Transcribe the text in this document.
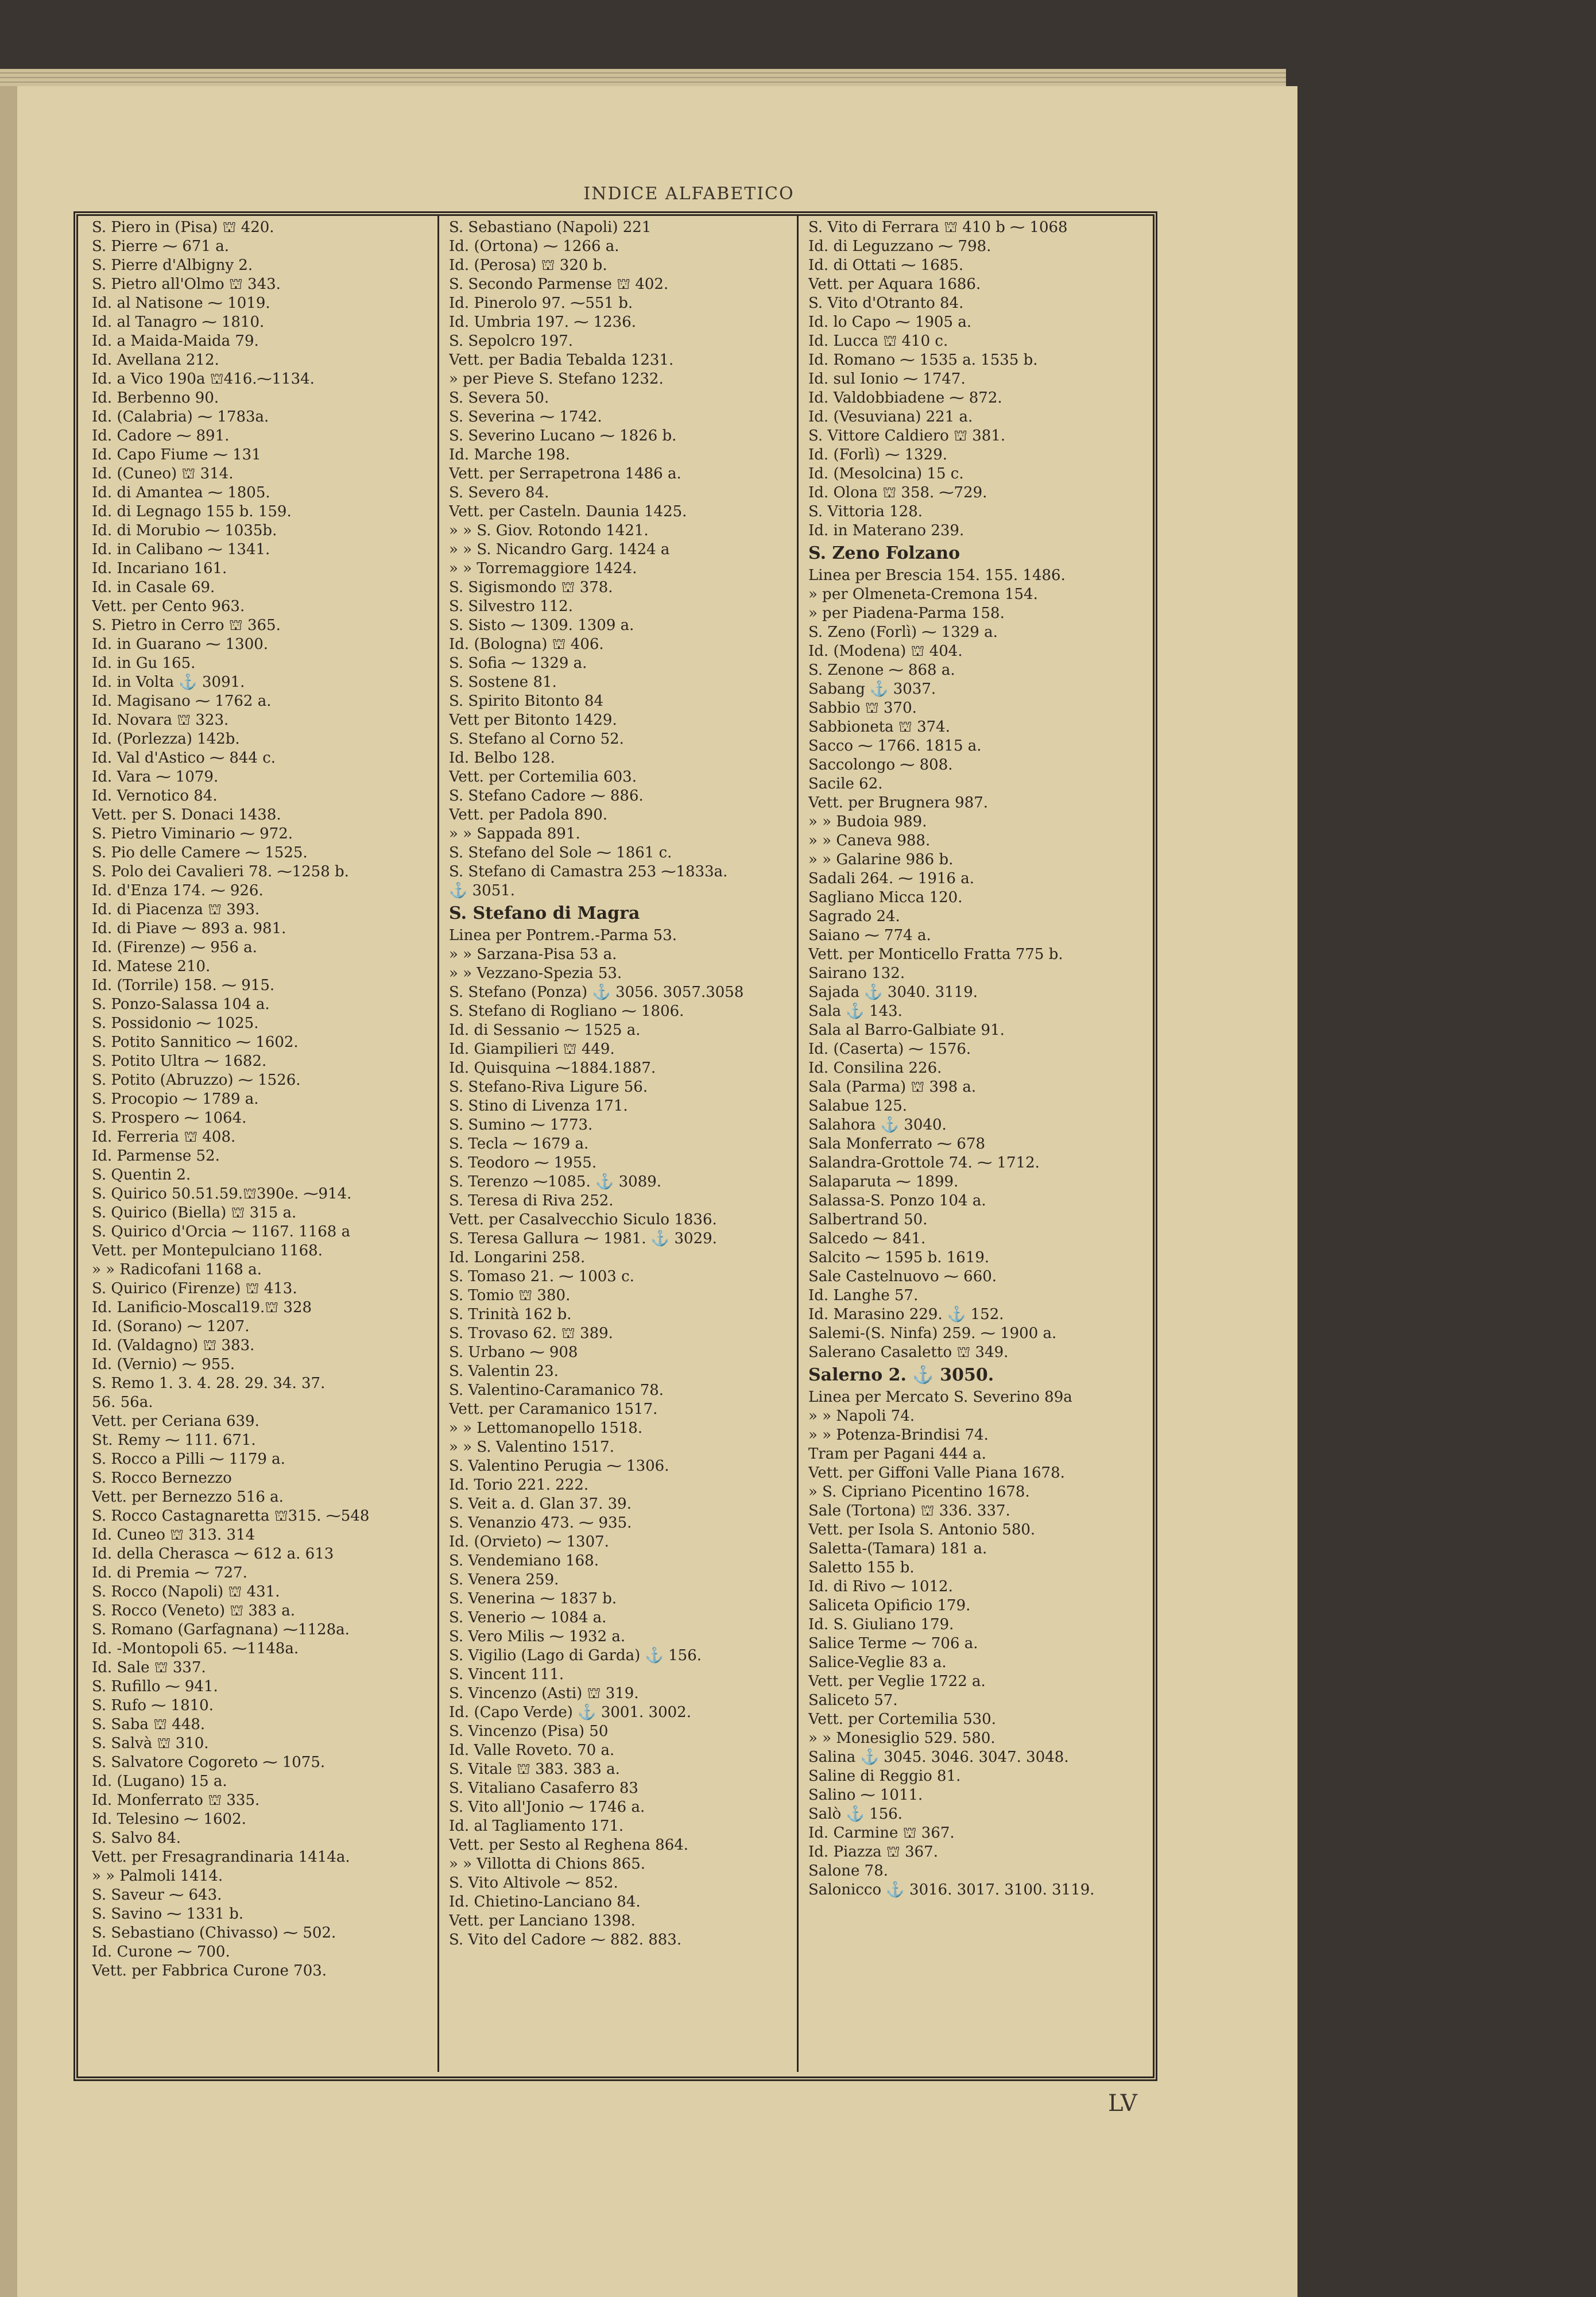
INDICE ALFABETICO
S. Piero in (Pisa) ⛫ 420.
S. Pierre ⁓ 671 a.
S. Pierre d'Albigny 2.
S. Pietro all'Olmo ⛫ 343.
Id. al Natisone ⁓ 1019.
Id. al Tanagro ⁓ 1810.
Id. a Maida-Maida 79.
Id. Avellana 212.
Id. a Vico 190a ⛫416.⁓1134.
Id. Berbenno 90.
Id. (Calabria) ⁓ 1783a.
Id. Cadore ⁓ 891.
Id. Capo Fiume ⁓ 131
Id. (Cuneo) ⛫ 314.
Id. di Amantea ⁓ 1805.
Id. di Legnago 155 b. 159.
Id. di Morubio ⁓ 1035b.
Id. in Calibano ⁓ 1341.
Id. Incariano 161.
Id. in Casale 69.
Vett. per Cento 963.
S. Pietro in Cerro ⛫ 365.
Id. in Guarano ⁓ 1300.
Id. in Gu 165.
Id. in Volta ⚓ 3091.
Id. Magisano ⁓ 1762 a.
Id. Novara ⛫ 323.
Id. (Porlezza) 142b.
Id. Val d'Astico ⁓ 844 c.
Id. Vara ⁓ 1079.
Id. Vernotico 84.
Vett. per S. Donaci 1438.
S. Pietro Viminario ⁓ 972.
S. Pio delle Camere ⁓ 1525.
S. Polo dei Cavalieri 78. ⁓1258 b.
Id. d'Enza 174. ⁓ 926.
Id. di Piacenza ⛫ 393.
Id. di Piave ⁓ 893 a. 981.
Id. (Firenze) ⁓ 956 a.
Id. Matese 210.
Id. (Torrile) 158. ⁓ 915.
S. Ponzo-Salassa 104 a.
S. Possidonio ⁓ 1025.
S. Potito Sannitico ⁓ 1602.
S. Potito Ultra ⁓ 1682.
S. Potito (Abruzzo) ⁓ 1526.
S. Procopio ⁓ 1789 a.
S. Prospero ⁓ 1064.
Id. Ferreria ⛫ 408.
Id. Parmense 52.
S. Quentin 2.
S. Quirico 50.51.59.⛫390e. ⁓914.
S. Quirico (Biella) ⛫ 315 a.
S. Quirico d'Orcia ⁓ 1167. 1168 a
Vett. per Montepulciano 1168.
» » Radicofani 1168 a.
S. Quirico (Firenze) ⛫ 413.
Id. Lanificio-Moscal19.⛫ 328
Id. (Sorano) ⁓ 1207.
Id. (Valdagno) ⛫ 383.
Id. (Vernio) ⁓ 955.
S. Remo 1. 3. 4. 28. 29. 34. 37.
56. 56a.
Vett. per Ceriana 639.
St. Remy ⁓ 111. 671.
S. Rocco a Pilli ⁓ 1179 a.
S. Rocco Bernezzo
Vett. per Bernezzo 516 a.
S. Rocco Castagnaretta ⛫315. ⁓548
Id. Cuneo ⛫ 313. 314
Id. della Cherasca ⁓ 612 a. 613
Id. di Premia ⁓ 727.
S. Rocco (Napoli) ⛫ 431.
S. Rocco (Veneto) ⛫ 383 a.
S. Romano (Garfagnana) ⁓1128a.
Id. -Montopoli 65. ⁓1148a.
Id. Sale ⛫ 337.
S. Rufillo ⁓ 941.
S. Rufo ⁓ 1810.
S. Saba ⛫ 448.
S. Salvà ⛫ 310.
S. Salvatore Cogoreto ⁓ 1075.
Id. (Lugano) 15 a.
Id. Monferrato ⛫ 335.
Id. Telesino ⁓ 1602.
S. Salvo 84.
Vett. per Fresagrandinaria 1414a.
» » Palmoli 1414.
S. Saveur ⁓ 643.
S. Savino ⁓ 1331 b.
S. Sebastiano (Chivasso) ⁓ 502.
Id. Curone ⁓ 700.
Vett. per Fabbrica Curone 703.
S. Sebastiano (Napoli) 221
Id. (Ortona) ⁓ 1266 a.
Id. (Perosa) ⛫ 320 b.
S. Secondo Parmense ⛫ 402.
Id. Pinerolo 97. ⁓551 b.
Id. Umbria 197. ⁓ 1236.
S. Sepolcro 197.
Vett. per Badia Tebalda 1231.
» per Pieve S. Stefano 1232.
S. Severa 50.
S. Severina ⁓ 1742.
S. Severino Lucano ⁓ 1826 b.
Id. Marche 198.
Vett. per Serrapetrona 1486 a.
S. Severo 84.
Vett. per Casteln. Daunia 1425.
» » S. Giov. Rotondo 1421.
» » S. Nicandro Garg. 1424 a
» » Torremaggiore 1424.
S. Sigismondo ⛫ 378.
S. Silvestro 112.
S. Sisto ⁓ 1309. 1309 a.
Id. (Bologna) ⛫ 406.
S. Sofia ⁓ 1329 a.
S. Sostene 81.
S. Spirito Bitonto 84
Vett per Bitonto 1429.
S. Stefano al Corno 52.
Id. Belbo 128.
Vett. per Cortemilia 603.
S. Stefano Cadore ⁓ 886.
Vett. per Padola 890.
» » Sappada 891.
S. Stefano del Sole ⁓ 1861 c.
S. Stefano di Camastra 253 ⁓1833a.
⚓ 3051.
S. Stefano di Magra
Linea per Pontrem.-Parma 53.
» » Sarzana-Pisa 53 a.
» » Vezzano-Spezia 53.
S. Stefano (Ponza) ⚓ 3056. 3057.3058
S. Stefano di Rogliano ⁓ 1806.
Id. di Sessanio ⁓ 1525 a.
Id. Giampilieri ⛫ 449.
Id. Quisquina ⁓1884.1887.
S. Stefano-Riva Ligure 56.
S. Stino di Livenza 171.
S. Sumino ⁓ 1773.
S. Tecla ⁓ 1679 a.
S. Teodoro ⁓ 1955.
S. Terenzo ⁓1085. ⚓ 3089.
S. Teresa di Riva 252.
Vett. per Casalvecchio Siculo 1836.
S. Teresa Gallura ⁓ 1981. ⚓ 3029.
Id. Longarini 258.
S. Tomaso 21. ⁓ 1003 c.
S. Tomio ⛫ 380.
S. Trinità 162 b.
S. Trovaso 62. ⛫ 389.
S. Urbano ⁓ 908
S. Valentin 23.
S. Valentino-Caramanico 78.
Vett. per Caramanico 1517.
» » Lettomanopello 1518.
» » S. Valentino 1517.
S. Valentino Perugia ⁓ 1306.
Id. Torio 221. 222.
S. Veit a. d. Glan 37. 39.
S. Venanzio 473. ⁓ 935.
Id. (Orvieto) ⁓ 1307.
S. Vendemiano 168.
S. Venera 259.
S. Venerina ⁓ 1837 b.
S. Venerio ⁓ 1084 a.
S. Vero Milis ⁓ 1932 a.
S. Vigilio (Lago di Garda) ⚓ 156.
S. Vincent 111.
S. Vincenzo (Asti) ⛫ 319.
Id. (Capo Verde) ⚓ 3001. 3002.
S. Vincenzo (Pisa) 50
Id. Valle Roveto. 70 a.
S. Vitale ⛫ 383. 383 a.
S. Vitaliano Casaferro 83
S. Vito all'Jonio ⁓ 1746 a.
Id. al Tagliamento 171.
Vett. per Sesto al Reghena 864.
» » Villotta di Chions 865.
S. Vito Altivole ⁓ 852.
Id. Chietino-Lanciano 84.
Vett. per Lanciano 1398.
S. Vito del Cadore ⁓ 882. 883.
S. Vito di Ferrara ⛫ 410 b ⁓ 1068
Id. di Leguzzano ⁓ 798.
Id. di Ottati ⁓ 1685.
Vett. per Aquara 1686.
S. Vito d'Otranto 84.
Id. lo Capo ⁓ 1905 a.
Id. Lucca ⛫ 410 c.
Id. Romano ⁓ 1535 a. 1535 b.
Id. sul Ionio ⁓ 1747.
Id. Valdobbiadene ⁓ 872.
Id. (Vesuviana) 221 a.
S. Vittore Caldiero ⛫ 381.
Id. (Forlì) ⁓ 1329.
Id. (Mesolcina) 15 c.
Id. Olona ⛫ 358. ⁓729.
S. Vittoria 128.
Id. in Materano 239.
S. Zeno Folzano
Linea per Brescia 154. 155. 1486.
» per Olmeneta-Cremona 154.
» per Piadena-Parma 158.
S. Zeno (Forlì) ⁓ 1329 a.
Id. (Modena) ⛫ 404.
S. Zenone ⁓ 868 a.
Sabang ⚓ 3037.
Sabbio ⛫ 370.
Sabbioneta ⛫ 374.
Sacco ⁓ 1766. 1815 a.
Saccolongo ⁓ 808.
Sacile 62.
Vett. per Brugnera 987.
» » Budoia 989.
» » Caneva 988.
» » Galarine 986 b.
Sadali 264. ⁓ 1916 a.
Sagliano Micca 120.
Sagrado 24.
Saiano ⁓ 774 a.
Vett. per Monticello Fratta 775 b.
Sairano 132.
Sajada ⚓ 3040. 3119.
Sala ⚓ 143.
Sala al Barro-Galbiate 91.
Id. (Caserta) ⁓ 1576.
Id. Consilina 226.
Sala (Parma) ⛫ 398 a.
Salabue 125.
Salahora ⚓ 3040.
Sala Monferrato ⁓ 678
Salandra-Grottole 74. ⁓ 1712.
Salaparuta ⁓ 1899.
Salassa-S. Ponzo 104 a.
Salbertrand 50.
Salcedo ⁓ 841.
Salcito ⁓ 1595 b. 1619.
Sale Castelnuovo ⁓ 660.
Id. Langhe 57.
Id. Marasino 229. ⚓ 152.
Salemi-(S. Ninfa) 259. ⁓ 1900 a.
Salerano Casaletto ⛫ 349.
Salerno 2. ⚓ 3050.
Linea per Mercato S. Severino 89a
» » Napoli 74.
» » Potenza-Brindisi 74.
Tram per Pagani 444 a.
Vett. per Giffoni Valle Piana 1678.
» S. Cipriano Picentino 1678.
Sale (Tortona) ⛫ 336. 337.
Vett. per Isola S. Antonio 580.
Saletta-(Tamara) 181 a.
Saletto 155 b.
Id. di Rivo ⁓ 1012.
Saliceta Opificio 179.
Id. S. Giuliano 179.
Salice Terme ⁓ 706 a.
Salice-Veglie 83 a.
Vett. per Veglie 1722 a.
Saliceto 57.
Vett. per Cortemilia 530.
» » Monesiglio 529. 580.
Salina ⚓ 3045. 3046. 3047. 3048.
Saline di Reggio 81.
Salino ⁓ 1011.
Salò ⚓ 156.
Id. Carmine ⛫ 367.
Id. Piazza ⛫ 367.
Salone 78.
Salonicco ⚓ 3016. 3017. 3100. 3119.
LV
